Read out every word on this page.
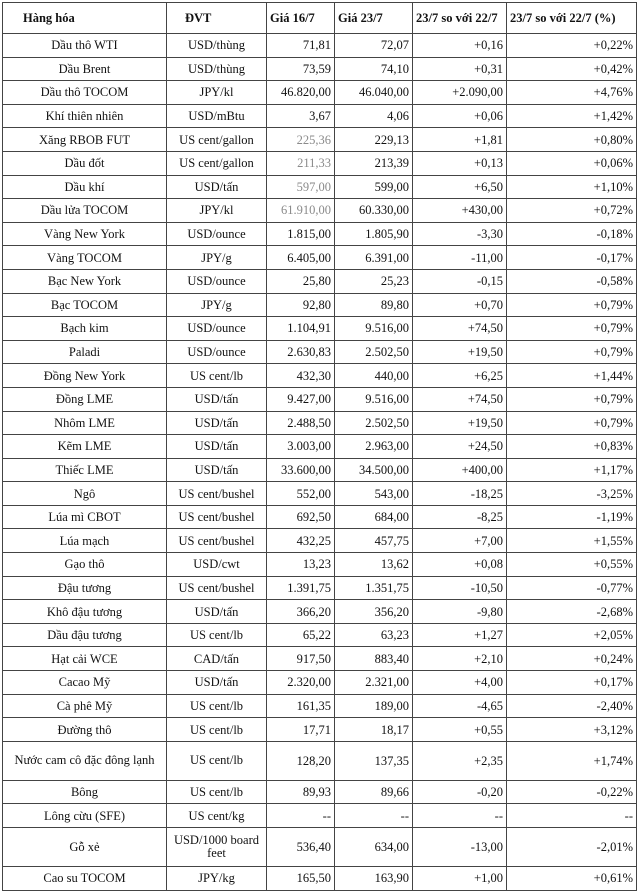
Hàng hóa	ĐVT	Giá 16/7	Giá 23/7	23/7 so với 22/7	23/7 so với 22/7 (%)
Dầu thô WTI	USD/thùng	71,81	72,07	+0,16	+0,22%
Dầu Brent	USD/thùng	73,59	74,10	+0,31	+0,42%
Dầu thô TOCOM	JPY/kl	46.820,00	46.040,00	+2.090,00	+4,76%
Khí thiên nhiên	USD/mBtu	3,67	4,06	+0,06	+1,42%
Xăng RBOB FUT	US cent/gallon	225,36	229,13	+1,81	+0,80%
Dầu đốt	US cent/gallon	211,33	213,39	+0,13	+0,06%
Dầu khí	USD/tấn	597,00	599,00	+6,50	+1,10%
Dầu lửa TOCOM	JPY/kl	61.910,00	60.330,00	+430,00	+0,72%
Vàng New York	USD/ounce	1.815,00	1.805,90	-3,30	-0,18%
Vàng TOCOM	JPY/g	6.405,00	6.391,00	-11,00	-0,17%
Bạc New York	USD/ounce	25,80	25,23	-0,15	-0,58%
Bạc TOCOM	JPY/g	92,80	89,80	+0,70	+0,79%
Bạch kim	USD/ounce	1.104,91	9.516,00	+74,50	+0,79%
Paladi	USD/ounce	2.630,83	2.502,50	+19,50	+0,79%
Đồng New York	US cent/lb	432,30	440,00	+6,25	+1,44%
Đồng LME	USD/tấn	9.427,00	9.516,00	+74,50	+0,79%
Nhôm LME	USD/tấn	2.488,50	2.502,50	+19,50	+0,79%
Kẽm LME	USD/tấn	3.003,00	2.963,00	+24,50	+0,83%
Thiếc LME	USD/tấn	33.600,00	34.500,00	+400,00	+1,17%
Ngô	US cent/bushel	552,00	543,00	-18,25	-3,25%
Lúa mì CBOT	US cent/bushel	692,50	684,00	-8,25	-1,19%
Lúa mạch	US cent/bushel	432,25	457,75	+7,00	+1,55%
Gạo thô	USD/cwt	13,23	13,62	+0,08	+0,55%
Đậu tương	US cent/bushel	1.391,75	1.351,75	-10,50	-0,77%
Khô đậu tương	USD/tấn	366,20	356,20	-9,80	-2,68%
Dầu đậu tương	US cent/lb	65,22	63,23	+1,27	+2,05%
Hạt cải WCE	CAD/tấn	917,50	883,40	+2,10	+0,24%
Cacao Mỹ	USD/tấn	2.320,00	2.321,00	+4,00	+0,17%
Cà phê Mỹ	US cent/lb	161,35	189,00	-4,65	-2,40%
Đường thô	US cent/lb	17,71	18,17	+0,55	+3,12%
Nước cam cô đặc đông lạnh	US cent/lb	128,20	137,35	+2,35	+1,74%
Bông	US cent/lb	89,93	89,66	-0,20	-0,22%
Lông cừu (SFE)	US cent/kg	--	--	--	--
Gỗ xẻ	USD/1000 board feet	536,40	634,00	-13,00	-2,01%
Cao su TOCOM	JPY/kg	165,50	163,90	+1,00	+0,61%
